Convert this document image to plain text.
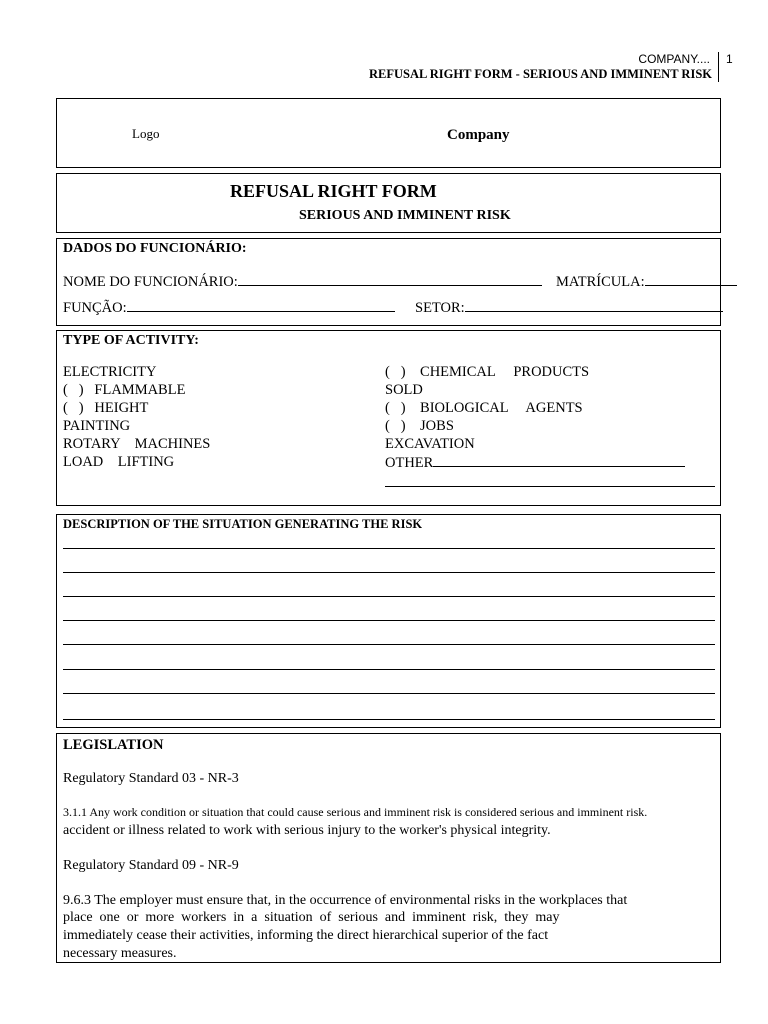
COMPANY....
REFUSAL RIGHT FORM - SERIOUS AND IMMINENT RISK
1
Logo	Company
REFUSAL RIGHT FORM
SERIOUS AND IMMINENT RISK
DADOS DO FUNCIONÁRIO:
NOME DO FUNCIONÁRIO:	MATRÍCULA:
FUNÇÃO:	SETOR:
TYPE OF ACTIVITY:
ELECTRICITY
(   )   FLAMMABLE
(   )   HEIGHT
PAINTING
ROTARY    MACHINES
LOAD    LIFTING
(   )    CHEMICAL     PRODUCTS
SOLD
(   )    BIOLOGICAL     AGENTS
(   )    JOBS
EXCAVATION
OTHER
DESCRIPTION OF THE SITUATION GENERATING THE RISK
LEGISLATION
Regulatory Standard 03 - NR-3
3.1.1 Any work condition or situation that could cause serious and imminent risk is considered serious and imminent risk.
accident or illness related to work with serious injury to the worker's physical integrity.
Regulatory Standard 09 - NR-9
9.6.3 The employer must ensure that, in the occurrence of environmental risks in the workplaces that
place  one  or  more  workers  in  a  situation  of  serious  and  imminent  risk,  they  may
immediately cease their activities, informing the direct hierarchical superior of the fact
necessary measures.
